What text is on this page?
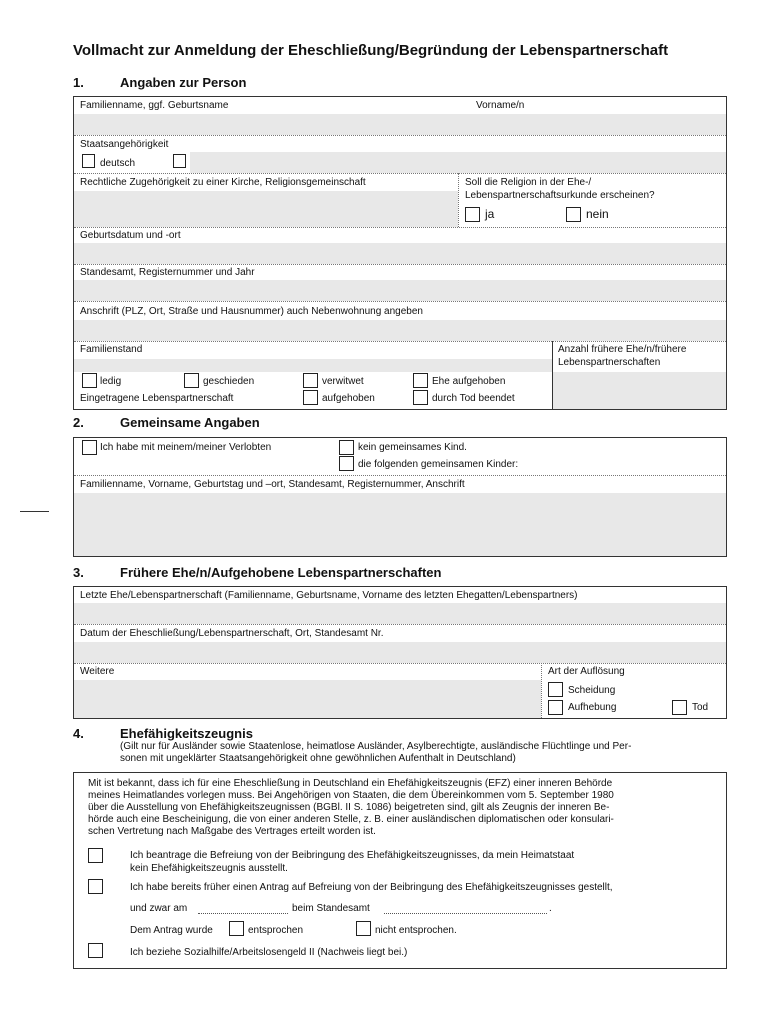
Vollmacht zur Anmeldung der Eheschließung/Begründung der Lebenspartnerschaft
1.	Angaben zur Person
Familienname, ggf. Geburtsname	Vorname/n
Staatsangehörigkeit
deutsch
Rechtliche Zugehörigkeit zu einer Kirche, Religionsgemeinschaft	Soll die Religion in der Ehe-/
Lebenspartnerschaftsurkunde erscheinen?
ja	nein
Geburtsdatum und -ort
Standesamt, Registernummer und Jahr
Anschrift (PLZ, Ort, Straße und Hausnummer) auch Nebenwohnung angeben
Familienstand	Anzahl frühere Ehe/n/frühere
Lebenspartnerschaften
ledig	geschieden	verwitwet	Ehe aufgehoben
Eingetragene Lebenspartnerschaft	aufgehoben	durch Tod beendet
2.	Gemeinsame Angaben
Ich habe mit meinem/meiner Verlobten	kein gemeinsames Kind.
die folgenden gemeinsamen Kinder:
Familienname, Vorname, Geburtstag und –ort, Standesamt, Registernummer, Anschrift
3.	Frühere Ehe/n/Aufgehobene Lebenspartnerschaften
Letzte Ehe/Lebenspartnerschaft (Familienname, Geburtsname, Vorname des letzten Ehegatten/Lebenspartners)
Datum der Eheschließung/Lebenspartnerschaft, Ort, Standesamt Nr.
Weitere	Art der Auflösung
Scheidung
Aufhebung	Tod
4.	Ehefähigkeitszeugnis
(Gilt nur für Ausländer sowie Staatenlose, heimatlose Ausländer, Asylberechtigte, ausländische Flüchtlinge und Per-
sonen mit ungeklärter Staatsangehörigkeit ohne gewöhnlichen Aufenthalt in Deutschland)
Mit ist bekannt, dass ich für eine Eheschließung in Deutschland ein Ehefähigkeitszeugnis (EFZ) einer inneren Behörde
meines Heimatlandes vorlegen muss. Bei Angehörigen von Staaten, die dem Übereinkommen vom 5. September 1980
über die Ausstellung von Ehefähigkeitszeugnissen (BGBl. II S. 1086) beigetreten sind, gilt als Zeugnis der inneren Be-
hörde auch eine Bescheinigung, die von einer anderen Stelle, z. B. einer ausländischen diplomatischen oder konsulari-
schen Vertretung nach Maßgabe des Vertrages erteilt worden ist.
Ich beantrage die Befreiung von der Beibringung des Ehefähigkeitszeugnisses, da mein Heimatstaat
kein Ehefähigkeitszeugnis ausstellt.
Ich habe bereits früher einen Antrag auf Befreiung von der Beibringung des Ehefähigkeitszeugnisses gestellt,
und zwar am	beim Standesamt	.
Dem Antrag wurde	entsprochen	nicht entsprochen.
Ich beziehe Sozialhilfe/Arbeitslosengeld II (Nachweis liegt bei.)
